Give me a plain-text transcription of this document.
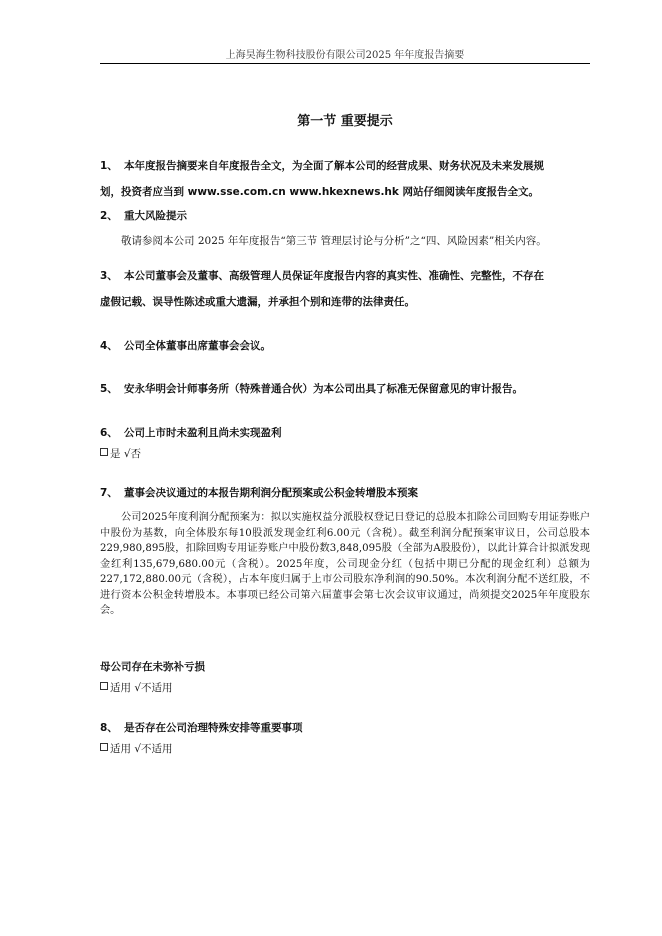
上海昊海生物科技股份有限公司2025 年年度报告摘要
第一节 重要提示
1、 本年度报告摘要来自年度报告全文，为全面了解本公司的经营成果、财务状况及未来发展规
划，投资者应当到 www.sse.com.cn www.hkexnews.hk 网站仔细阅读年度报告全文。
2、 重大风险提示
敬请参阅本公司 2025 年年度报告“第三节 管理层讨论与分析”之“四、风险因素”相关内容。
3、 本公司董事会及董事、高级管理人员保证年度报告内容的真实性、准确性、完整性，不存在
虚假记载、误导性陈述或重大遗漏，并承担个别和连带的法律责任。
4、 公司全体董事出席董事会会议。
5、 安永华明会计师事务所（特殊普通合伙）为本公司出具了标准无保留意见的审计报告。
6、 公司上市时未盈利且尚未实现盈利
是 √否
7、 董事会决议通过的本报告期利润分配预案或公积金转增股本预案
公司2025年度利润分配预案为：拟以实施权益分派股权登记日登记的总股本扣除公司回购专用证券账户中股份为基数，向全体股东每10股派发现金红利6.00元（含税）。截至利润分配预案审议日，公司总股本229,980,895股，扣除回购专用证券账户中股份数3,848,095股（全部为A股股份），以此计算合计拟派发现金红利135,679,680.00元（含税）。2025年度，公司现金分红（包括中期已分配的现金红利）总额为227,172,880.00元（含税），占本年度归属于上市公司股东净利润的90.50%。本次利润分配不送红股，不进行资本公积金转增股本。本事项已经公司第六届董事会第七次会议审议通过，尚须提交2025年年度股东会。
母公司存在未弥补亏损
适用 √不适用
8、 是否存在公司治理特殊安排等重要事项
适用 √不适用
